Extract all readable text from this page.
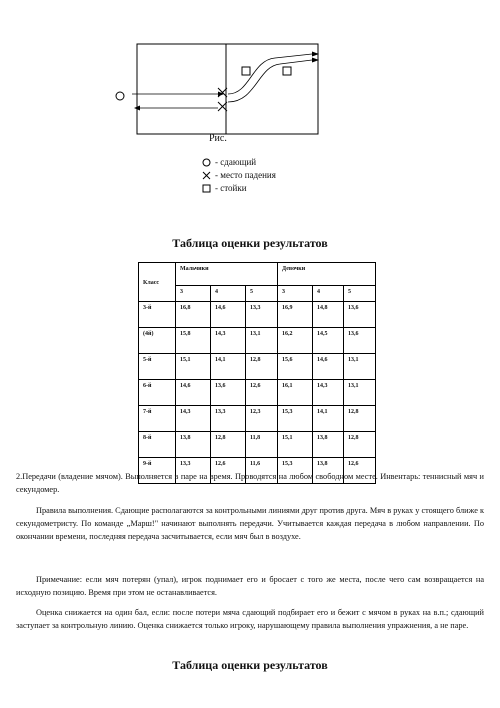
Рис.
- сдающий
- место падения
- стойки
Таблица оценки результатов
Класс	Мальчики			Девочки		
	3	4	5	3	4	5
3-й	16,8	14,6	13,3	16,9	14,8	13,6
(4й)	15,8	14,3	13,1	16,2	14,5	13,6
5-й	15,1	14,1	12,8	15,6	14,6	13,1
6-й	14,6	13,6	12,6	16,1	14,3	13,1
7-й	14,3	13,3	12,3	15,3	14,1	12,8
8-й	13,8	12,8	11,8	15,1	13,8	12,8
9-й	13,3	12,6	11,6	15,3	13,8	12,6

2.Передачи (владение мячом). Выполняется в паре на время. Проводятся на любом свободном месте. Инвентарь: теннисный мяч и секундомер.

Правила выполнения. Сдающие располагаются за контрольными линиями друг против друга. Мяч в руках у стоящего ближе к секундометристу. По команде „Марш!" начинают выполнять передачи. Учитывается каждая передача в любом направлении. По окончании времени, последняя передача засчитывается, если мяч был в воздухе.

Примечание: если мяч потерян (упал), игрок поднимает его и бросает с того же места, после чего сам возвращается на исходную позицию. Время при этом не останавливается.

Оценка снижается на один бал, если: после потери мяча сдающий подбирает его и бежит с мячом в руках на в.п.; сдающий заступает за контрольную линию. Оценка снижается только игроку, нарушающему правила выполнения упражнения, а не паре.

Таблица оценки результатов
